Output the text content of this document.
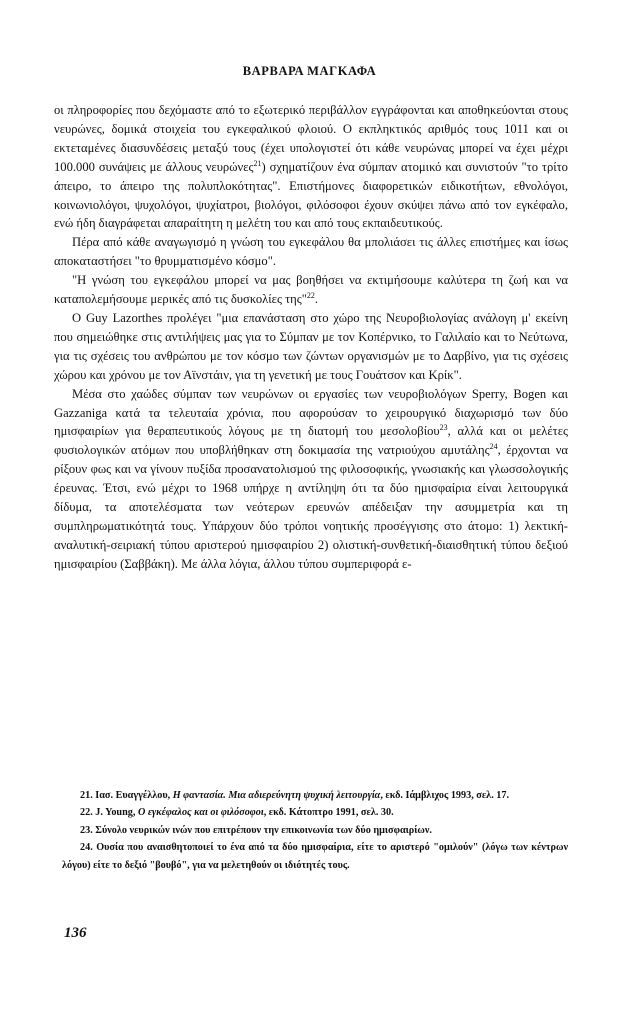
ΒΑΡΒΑΡΑ ΜΑΓΚΑΦΑ

οι πληροφορίες που δεχόμαστε από το εξωτερικό περιβάλλον εγγράφονται και αποθηκεύονται στους νευρώνες, δομικά στοιχεία του εγκεφαλικού φλοιού. Ο εκπληκτικός αριθμός τους 1011 και οι εκτεταμένες διασυνδέσεις μεταξύ τους (έχει υπολογιστεί ότι κάθε νευρώνας μπορεί να έχει μέχρι 100.000 συνάψεις με άλλους νευρώνες$^{21}$) σχηματίζουν ένα σύμπαν ατομικό και συνιστούν "το τρίτο άπειρο, το άπειρο της πολυπλοκότητας". Επιστήμονες διαφορετικών ειδικοτήτων, εθνολόγοι, κοινωνιολόγοι, ψυχολόγοι, ψυχίατροι, βιολόγοι, φιλόσοφοι έχουν σκύψει πάνω από τον εγκέφαλο, ενώ ήδη διαγράφεται απαραίτητη η μελέτη του και από τους εκπαιδευτικούς.

Πέρα από κάθε αναγωγισμό η γνώση του εγκεφάλου θα μπολιάσει τις άλλες επιστήμες και ίσως αποκαταστήσει "το θρυμματισμένο κόσμο".

"Η γνώση του εγκεφάλου μπορεί να μας βοηθήσει να εκτιμήσουμε καλύτερα τη ζωή και να καταπολεμήσουμε μερικές από τις δυσκολίες της"$^{22}$.

Ο Guy Lazorthes προλέγει "μια επανάσταση στο χώρο της Νευροβιολογίας ανάλογη μ' εκείνη που σημειώθηκε στις αντιλήψεις μας για το Σύμπαν με τον Κοπέρνικο, το Γαλιλαίο και το Νεύτωνα, για τις σχέσεις του ανθρώπου με τον κόσμο των ζώντων οργανισμών με το Δαρβίνο, για τις σχέσεις χώρου και χρόνου με τον Αϊνστάιν, για τη γενετική με τους Γουάτσον και Κρίκ".

Μέσα στο χαώδες σύμπαν των νευρώνων οι εργασίες των νευροβιολόγων Sperry, Bogen και Gazzaniga κατά τα τελευταία χρόνια, που αφορούσαν το χειρουργικό διαχωρισμό των δύο ημισφαιρίων για θεραπευτικούς λόγους με τη διατομή του μεσολοβίου$^{23}$, αλλά και οι μελέτες φυσιολογικών ατόμων που υποβλήθηκαν στη δοκιμασία της νατριούχου αμυτάλης$^{24}$, έρχονται να ρίξουν φως και να γίνουν πυξίδα προσανατολισμού της φιλοσοφικής, γνωσιακής και γλωσσολογικής έρευνας. Έτσι, ενώ μέχρι το 1968 υπήρχε η αντίληψη ότι τα δύο ημισφαίρια είναι λειτουργικά δίδυμα, τα αποτελέσματα των νεότερων ερευνών απέδειξαν την ασυμμετρία και τη συμπληρωματικότητά τους. Υπάρχουν δύο τρόποι νοητικής προσέγγισης στο άτομο: 1) λεκτική-αναλυτική-σειριακή τύπου αριστερού ημισφαιρίου 2) ολιστική-συνθετική-διαισθητική τύπου δεξιού ημισφαιρίου (Σαββάκη). Με άλλα λόγια, άλλου τύπου συμπεριφορά ε-

21. Ιασ. Ευαγγέλλου, Η φαντασία. Μια αδιερεύνητη ψυχική λειτουργία, εκδ. Ιάμβλιχος 1993, σελ. 17.

22. J. Young, Ο εγκέφαλος και οι φιλόσοφοι, εκδ. Κάτοπτρο 1991, σελ. 30.

23. Σύνολο νευρικών ινών που επιτρέπουν την επικοινωνία των δύο ημισφαιρίων.

24. Ουσία που αναισθητοποιεί το ένα από τα δύο ημισφαίρια, είτε το αριστερό "ομιλούν" (λόγω των κέντρων λόγου) είτε το δεξιό "βουβό", για να μελετηθούν οι ιδιότητές τους.

136
